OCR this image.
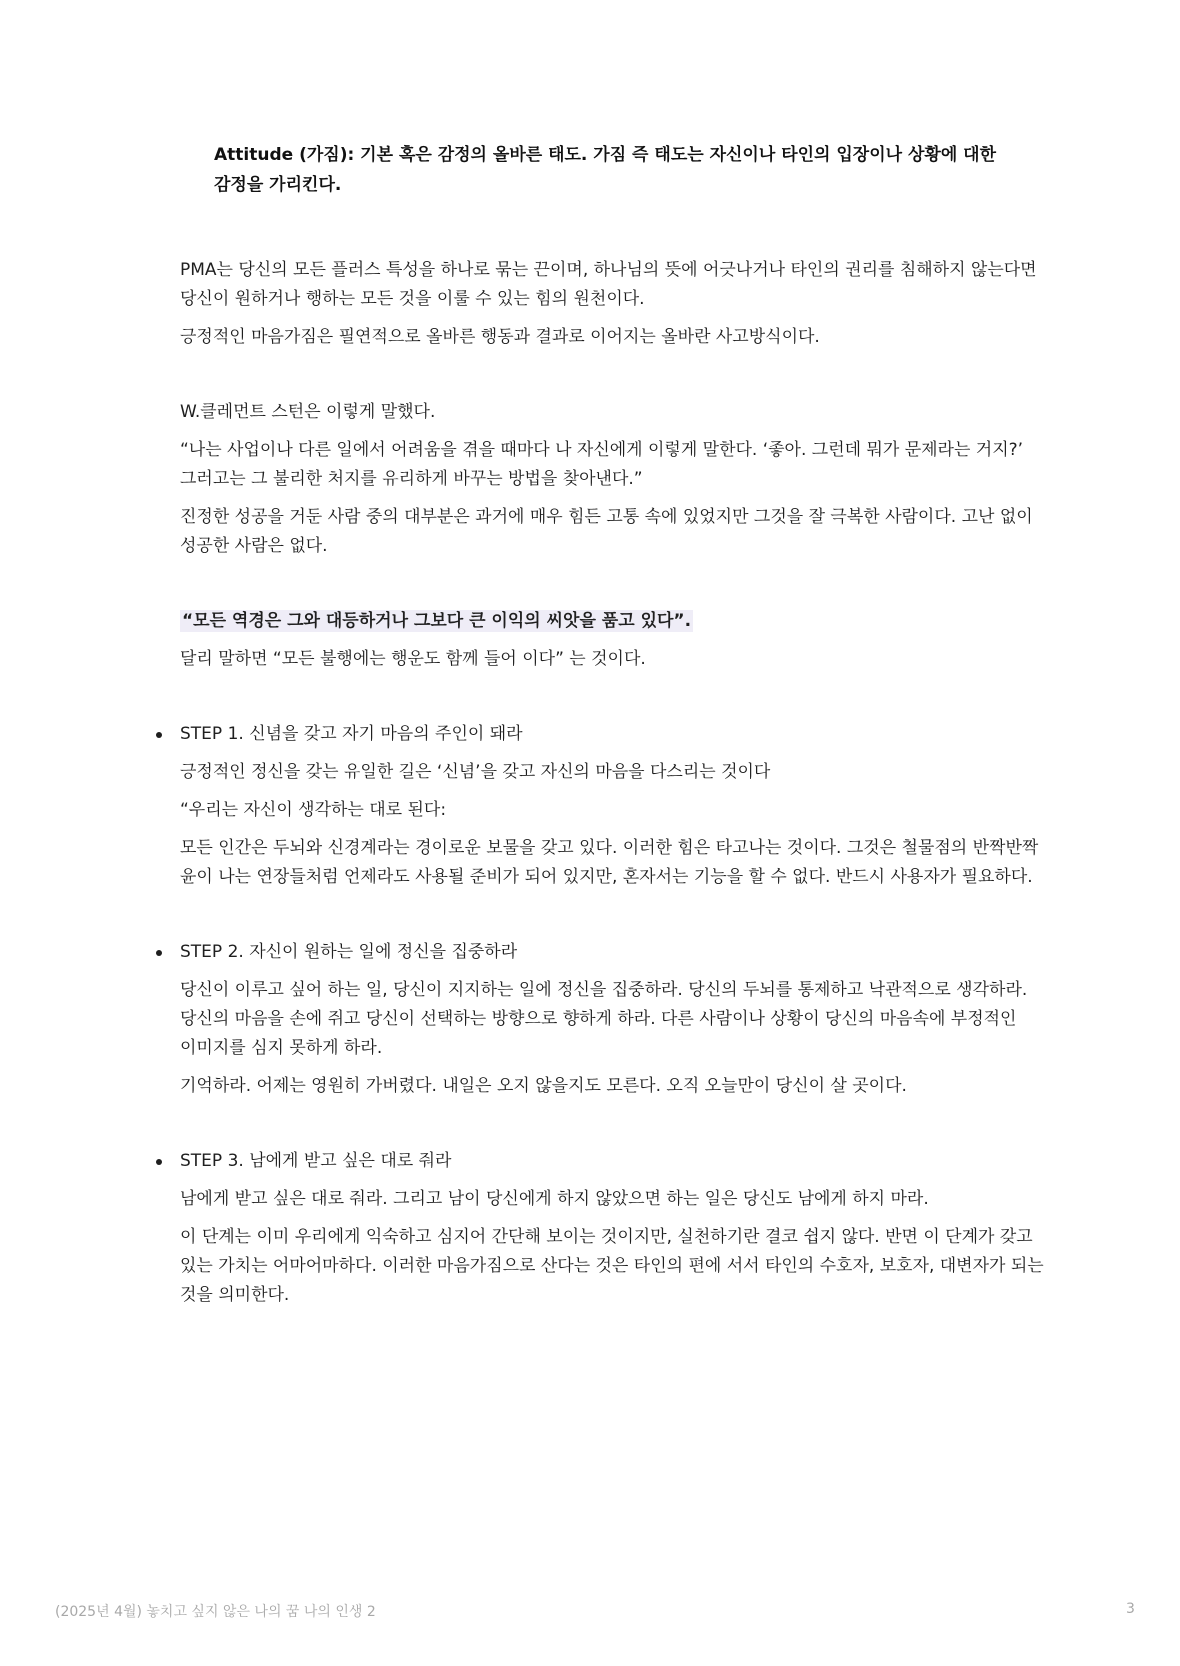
Attitude (가짐): 기본 혹은 감정의 올바른 태도. 가짐 즉 태도는 자신이나 타인의 입장이나 상황에 대한 감정을 가리킨다.

PMA는 당신의 모든 플러스 특성을 하나로 묶는 끈이며, 하나님의 뜻에 어긋나거나 타인의 권리를 침해하지 않는다면 당신이 원하거나 행하는 모든 것을 이룰 수 있는 힘의 원천이다.

긍정적인 마음가짐은 필연적으로 올바른 행동과 결과로 이어지는 올바란 사고방식이다.

W.클레먼트 스턴은 이렇게 말했다.

“나는 사업이나 다른 일에서 어려움을 겪을 때마다 나 자신에게 이렇게 말한다. ‘좋아. 그런데 뭐가 문제라는 거지?’ 그러고는 그 불리한 처지를 유리하게 바꾸는 방법을 찾아낸다.”

진정한 성공을 거둔 사람 중의 대부분은 과거에 매우 힘든 고통 속에 있었지만 그것을 잘 극복한 사람이다. 고난 없이 성공한 사람은 없다.

“모든 역경은 그와 대등하거나 그보다 큰 이익의 씨앗을 품고 있다”.

달리 말하면 “모든 불행에는 행운도 함께 들어 이다” 는 것이다.

STEP 1. 신념을 갖고 자기 마음의 주인이 돼라

긍정적인 정신을 갖는 유일한 길은 ‘신념’을 갖고 자신의 마음을 다스리는 것이다

“우리는 자신이 생각하는 대로 된다:

모든 인간은 두뇌와 신경계라는 경이로운 보물을 갖고 있다. 이러한 힘은 타고나는 것이다. 그것은 철물점의 반짝반짝 윤이 나는 연장들처럼 언제라도 사용될 준비가 되어 있지만, 혼자서는 기능을 할 수 없다. 반드시 사용자가 필요하다.

STEP 2. 자신이 원하는 일에 정신을 집중하라

당신이 이루고 싶어 하는 일, 당신이 지지하는 일에 정신을 집중하라. 당신의 두뇌를 통제하고 낙관적으로 생각하라. 당신의 마음을 손에 쥐고 당신이 선택하는 방향으로 향하게 하라. 다른 사람이나 상황이 당신의 마음속에 부정적인 이미지를 심지 못하게 하라.

기억하라. 어제는 영원히 가버렸다. 내일은 오지 않을지도 모른다. 오직 오늘만이 당신이 살 곳이다.

STEP 3. 남에게 받고 싶은 대로 줘라

남에게 받고 싶은 대로 줘라. 그리고 남이 당신에게 하지 않았으면 하는 일은 당신도 남에게 하지 마라.

이 단계는 이미 우리에게 익숙하고 심지어 간단해 보이는 것이지만, 실천하기란 결코 쉽지 않다. 반면 이 단계가 갖고 있는 가치는 어마어마하다. 이러한 마음가짐으로 산다는 것은 타인의 편에 서서 타인의 수호자, 보호자, 대변자가 되는 것을 의미한다.

(2025년 4월) 놓치고 싶지 않은 나의 꿈 나의 인생 2	3
